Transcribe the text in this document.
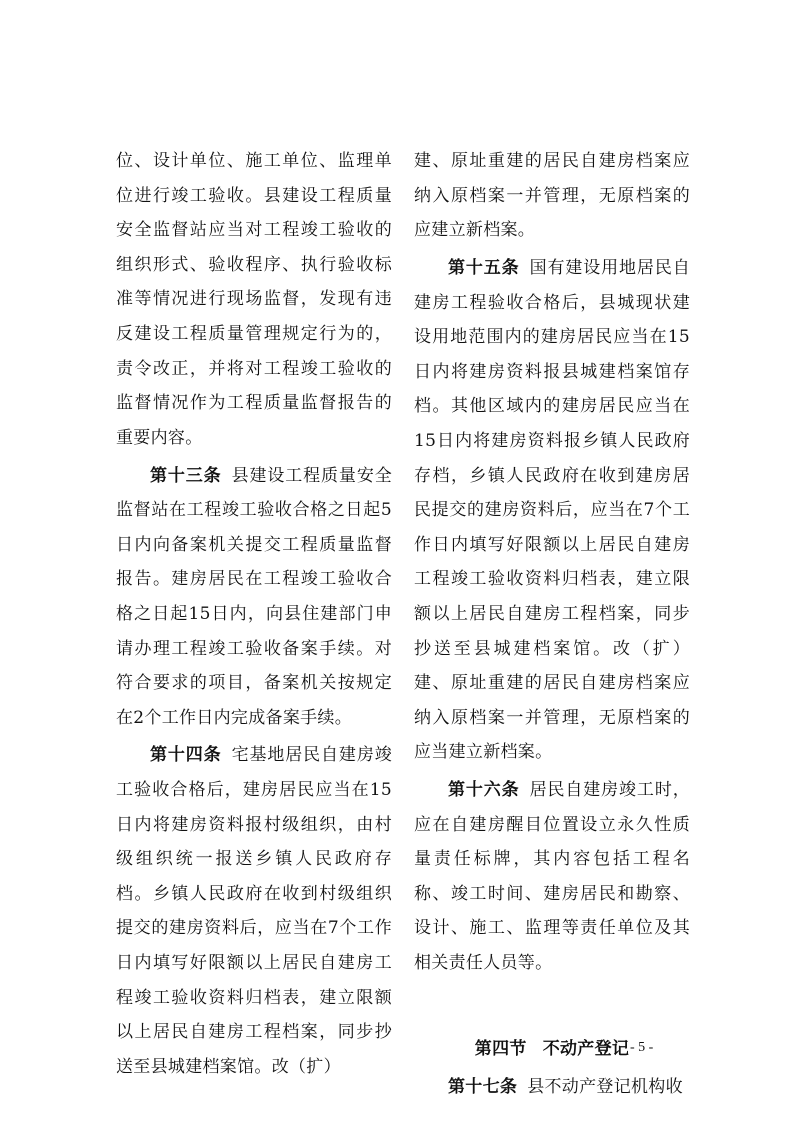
位、设计单位、施工单位、监理单位进行竣工验收。县建设工程质量安全监督站应当对工程竣工验收的组织形式、验收程序、执行验收标准等情况进行现场监督，发现有违反建设工程质量管理规定行为的，责令改正，并将对工程竣工验收的监督情况作为工程质量监督报告的重要内容。

第十三条 县建设工程质量安全监督站在工程竣工验收合格之日起5日内向备案机关提交工程质量监督报告。建房居民在工程竣工验收合格之日起15日内，向县住建部门申请办理工程竣工验收备案手续。对符合要求的项目，备案机关按规定在2个工作日内完成备案手续。

第十四条 宅基地居民自建房竣工验收合格后，建房居民应当在15日内将建房资料报村级组织，由村级组织统一报送乡镇人民政府存档。乡镇人民政府在收到村级组织提交的建房资料后，应当在7个工作日内填写好限额以上居民自建房工程竣工验收资料归档表，建立限额以上居民自建房工程档案，同步抄送至县城建档案馆。改（扩）

建、原址重建的居民自建房档案应纳入原档案一并管理，无原档案的应建立新档案。

第十五条 国有建设用地居民自建房工程验收合格后，县城现状建设用地范围内的建房居民应当在15日内将建房资料报县城建档案馆存档。其他区域内的建房居民应当在15日内将建房资料报乡镇人民政府存档，乡镇人民政府在收到建房居民提交的建房资料后，应当在7个工作日内填写好限额以上居民自建房工程竣工验收资料归档表，建立限额以上居民自建房工程档案，同步抄送至县城建档案馆。改（扩）建、原址重建的居民自建房档案应纳入原档案一并管理，无原档案的应当建立新档案。

第十六条 居民自建房竣工时，应在自建房醒目位置设立永久性质量责任标牌，其内容包括工程名称、竣工时间、建房居民和勘察、设计、施工、监理等责任单位及其相关责任人员等。

第四节 不动产登记

第十七条 县不动产登记机构收

- 5 -
